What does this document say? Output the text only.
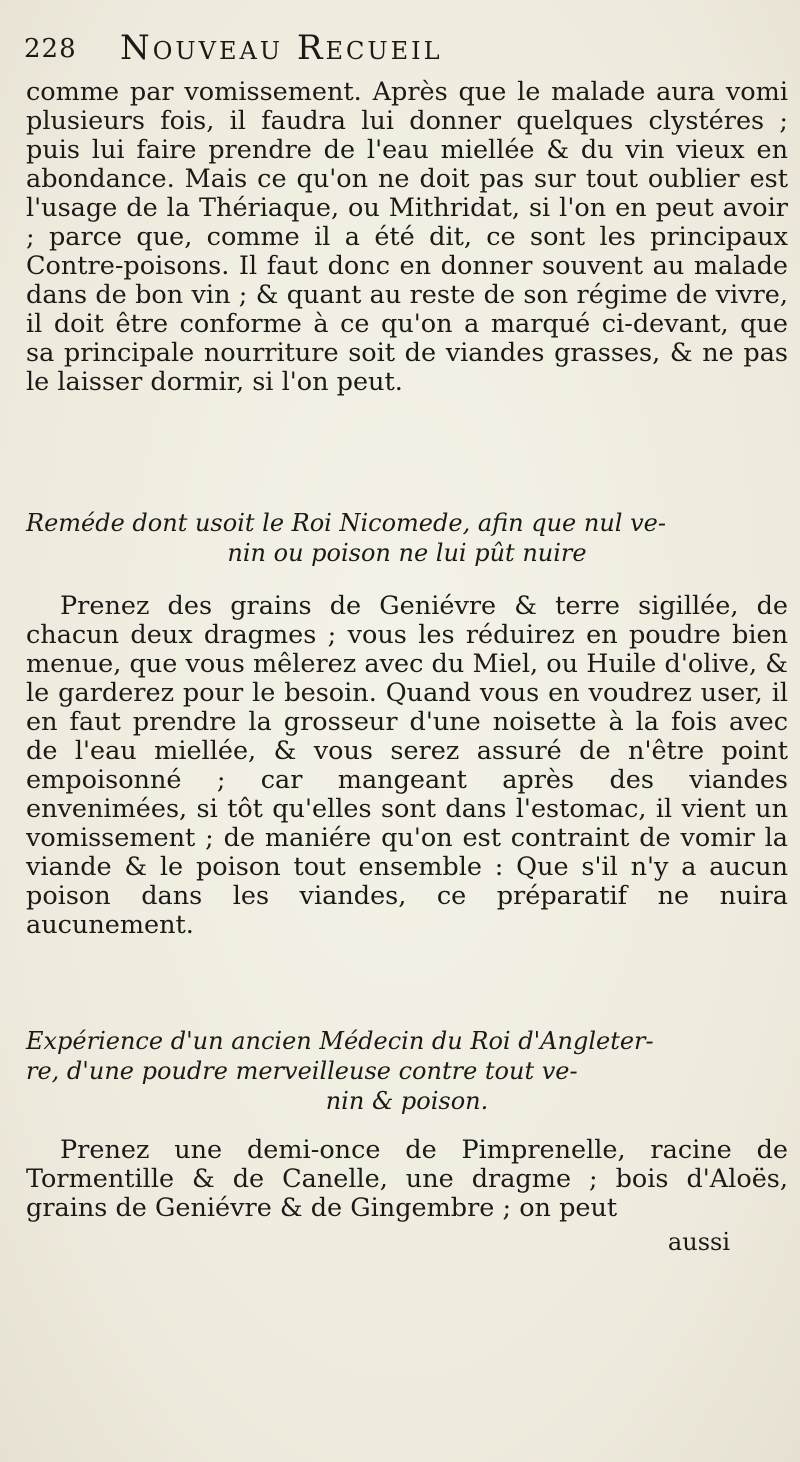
228 Nouveau Recueil

comme par vomissement. Après que le malade aura vomi plusieurs fois, il faudra lui donner quelques clystéres ; puis lui faire prendre de l'eau miellée & du vin vieux en abondance. Mais ce qu'on ne doit pas sur tout oublier est l'usage de la Thériaque, ou Mithridat, si l'on en peut avoir ; parce que, comme il a été dit, ce sont les principaux Contre-poisons. Il faut donc en donner souvent au malade dans de bon vin ; & quant au reste de son régime de vivre, il doit être conforme à ce qu'on a marqué ci-devant, que sa principale nourriture soit de viandes grasses, & ne pas le laisser dormir, si l'on peut.

Reméde dont usoit le Roi Nicomede, afin que nul ve-
nin ou poison ne lui pût nuire

Prenez des grains de Geniévre & terre sigillée, de chacun deux dragmes ; vous les réduirez en poudre bien menue, que vous mêlerez avec du Miel, ou Huile d'olive, & le garderez pour le besoin. Quand vous en voudrez user, il en faut prendre la grosseur d'une noisette à la fois avec de l'eau miellée, & vous serez assuré de n'être point empoisonné ; car mangeant après des viandes envenimées, si tôt qu'elles sont dans l'estomac, il vient un vomissement ; de maniére qu'on est contraint de vomir la viande & le poison tout ensemble : Que s'il n'y a aucun poison dans les viandes, ce préparatif ne nuira aucunement.

Expérience d'un ancien Médecin du Roi d'Angleter-
re, d'une poudre merveilleuse contre tout ve-
nin & poison.

Prenez une demi-once de Pimprenelle, racine de Tormentille & de Canelle, une dragme ; bois d'Aloës, grains de Geniévre & de Gingembre ; on peut

aussi
